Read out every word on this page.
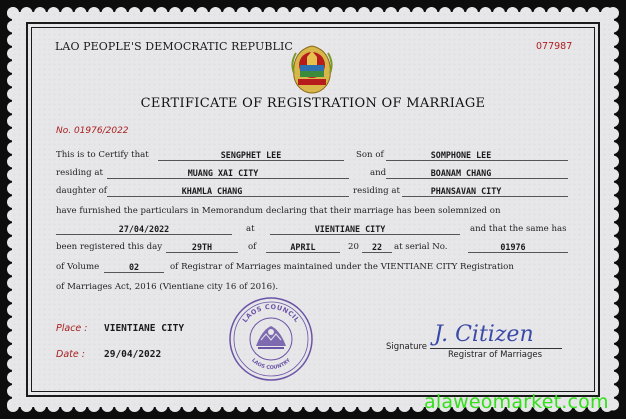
LAO PEOPLE'S DEMOCRATIC REPUBLIC	077987
CERTIFICATE OF REGISTRATION OF MARRIAGE
No. 01976/2022
This is to Certify that	SENGPHET LEE	Son of	SOMPHONE LEE
residing at	MUANG XAI CITY	and	BOANAM CHANG
daughter of	KHAMLA CHANG	residing at	PHANSAVAN CITY
have furnished the particulars in Memorandum declaring that their marriage has been solemnized on
27/04/2022	at	VIENTIANE CITY	and that the same has
been registered this day	29TH	of	APRIL	20	22	at serial No.	01976
of Volume	02	of Registrar of Marriages maintained under the VIENTIANE CITY Registration
of Marriages Act, 2016 (Vientiane city 16 of 2016).
Place : VIENTIANE CITY
Date : 29/04/2022
LAOS COUNCIL
LAOS COUNTRY
Signature J. Citizen
Registrar of Marriages
alaweomarket.com
